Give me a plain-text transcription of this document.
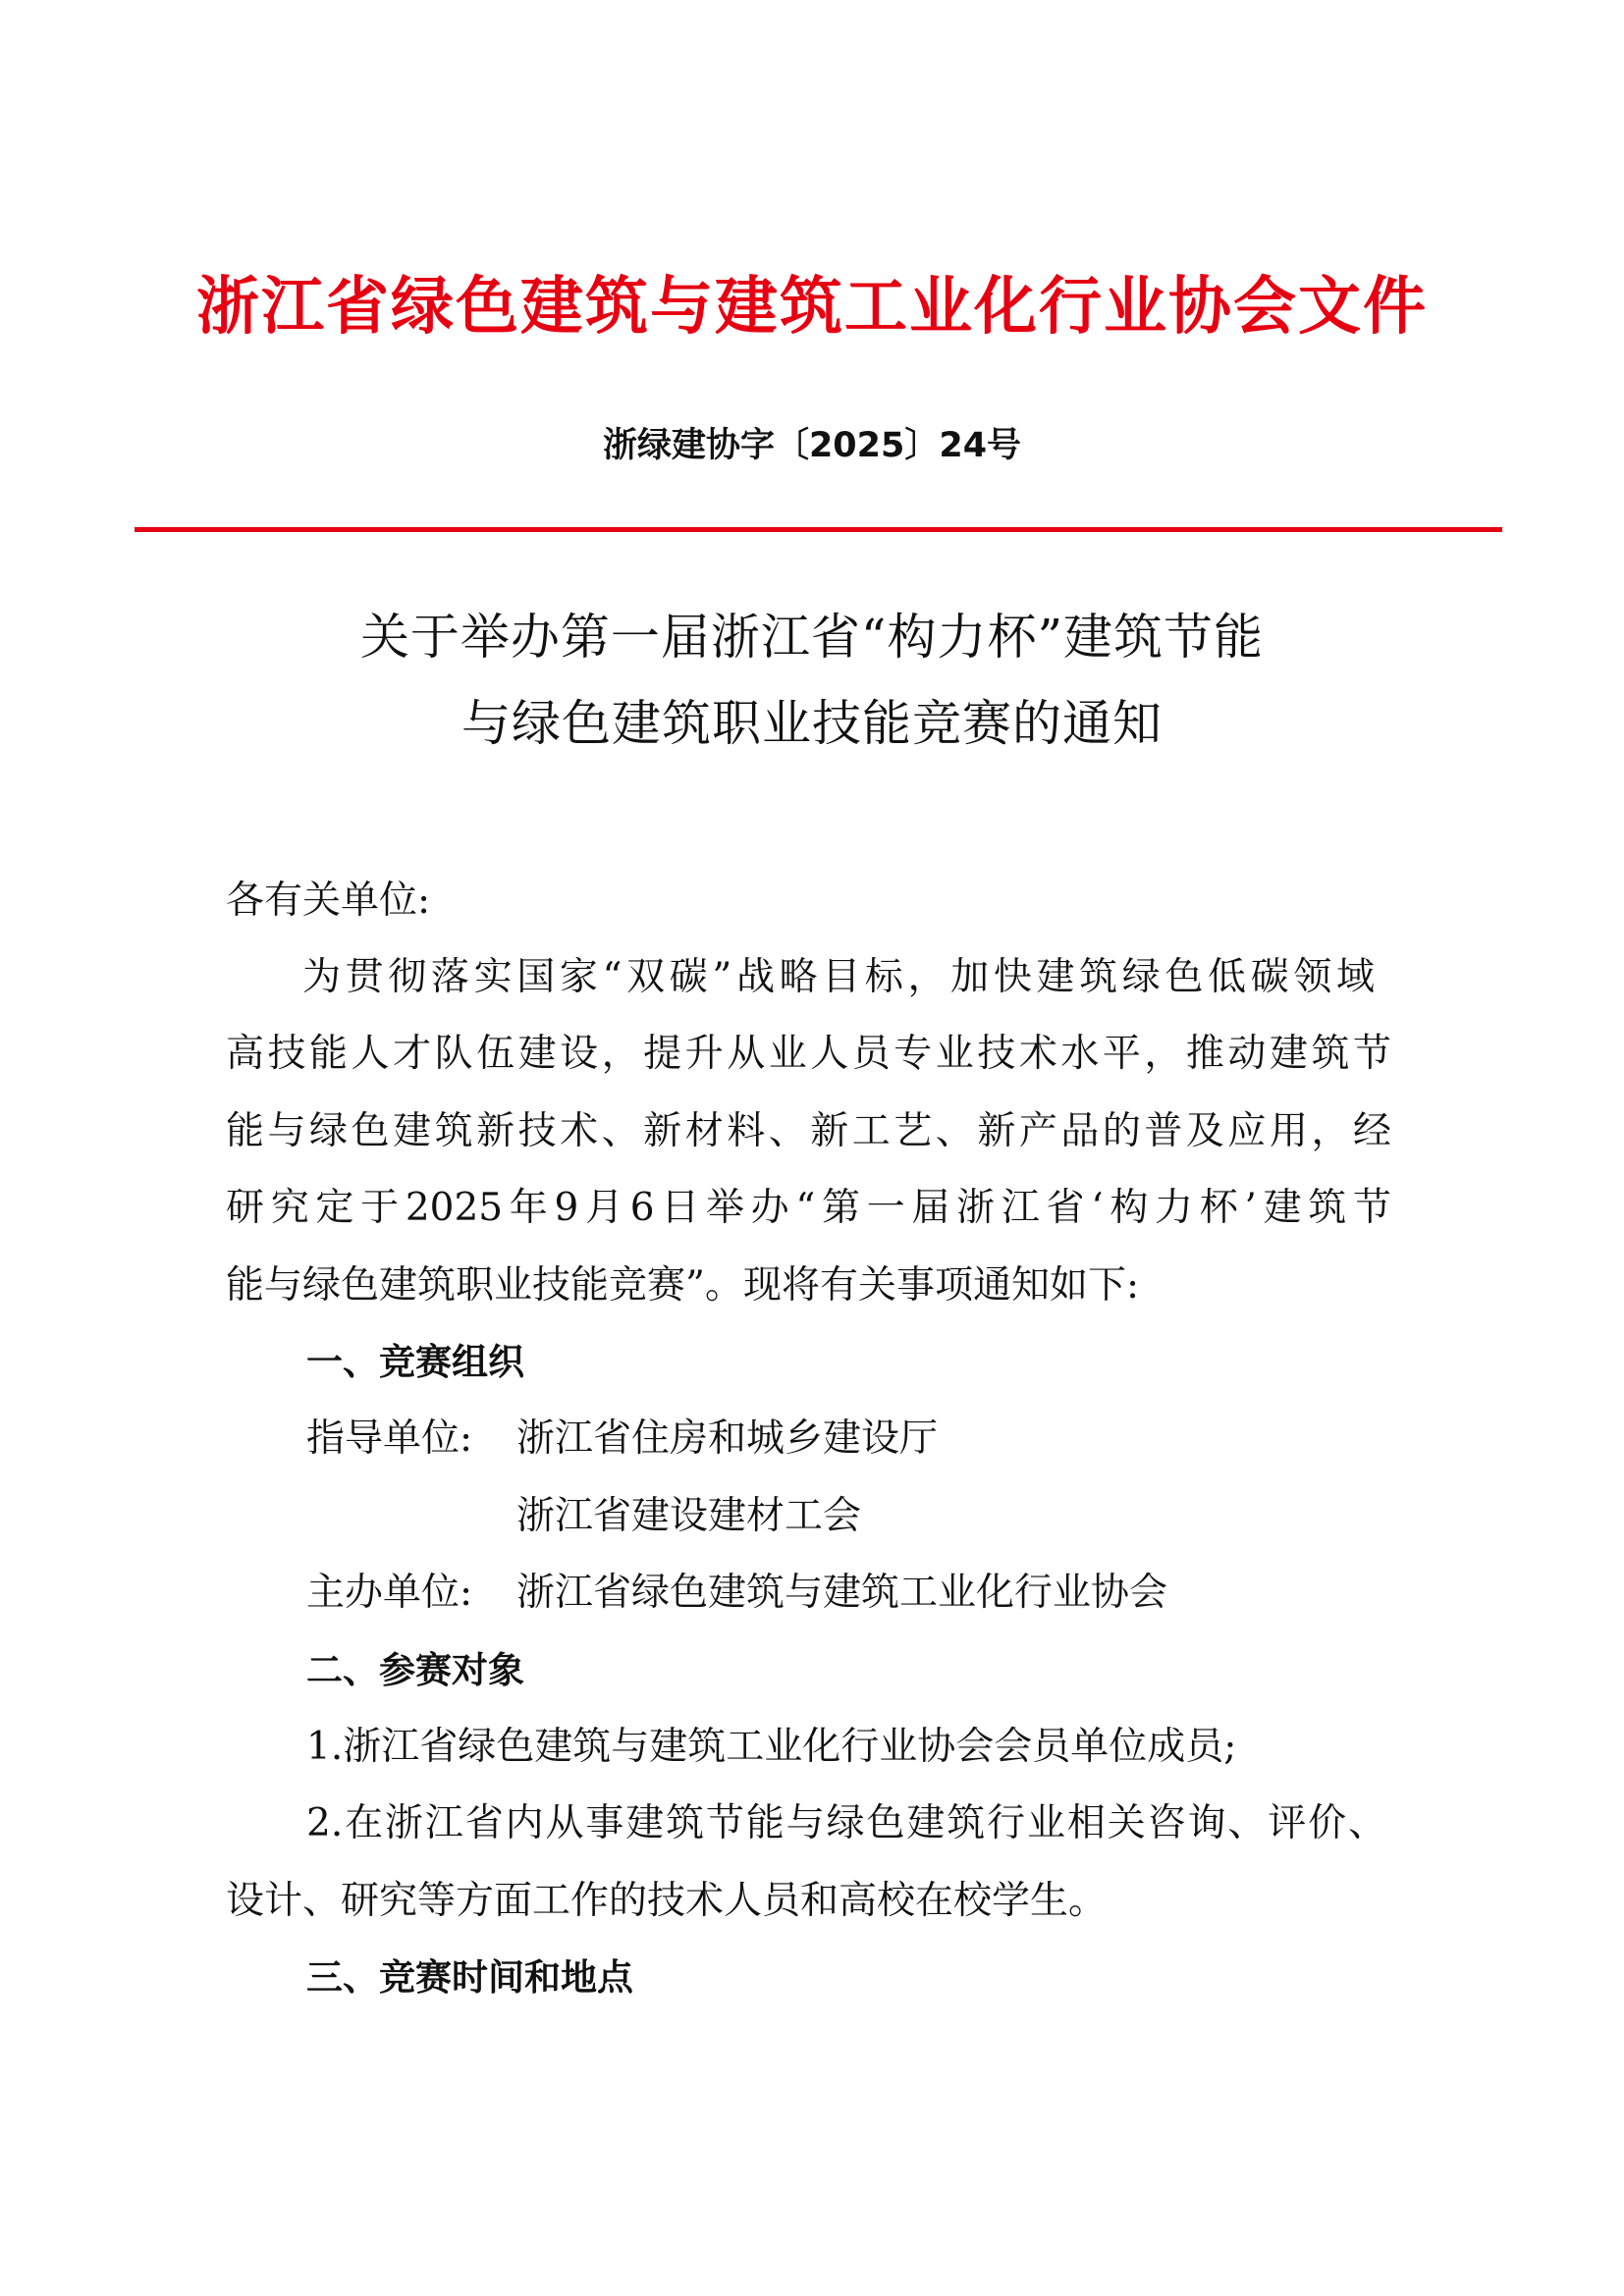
浙江省绿色建筑与建筑工业化行业协会文件
浙绿建协字〔2025〕24号
关于举办第一届浙江省“构力杯”建筑节能
与绿色建筑职业技能竞赛的通知
各有关单位:
为贯彻落实国家“双碳”战略目标，加快建筑绿色低碳领域
高技能人才队伍建设，提升从业人员专业技术水平，推动建筑节
能与绿色建筑新技术、新材料、新工艺、新产品的普及应用，经
研究定于2025年9月6日举办“第一届浙江省‘构力杯’建筑节
能与绿色建筑职业技能竞赛”。现将有关事项通知如下:
一、竞赛组织
指导单位: 浙江省住房和城乡建设厅
浙江省建设建材工会
主办单位: 浙江省绿色建筑与建筑工业化行业协会
二、参赛对象
1.浙江省绿色建筑与建筑工业化行业协会会员单位成员;
2.在浙江省内从事建筑节能与绿色建筑行业相关咨询、评价、
设计、研究等方面工作的技术人员和高校在校学生。
三、竞赛时间和地点
